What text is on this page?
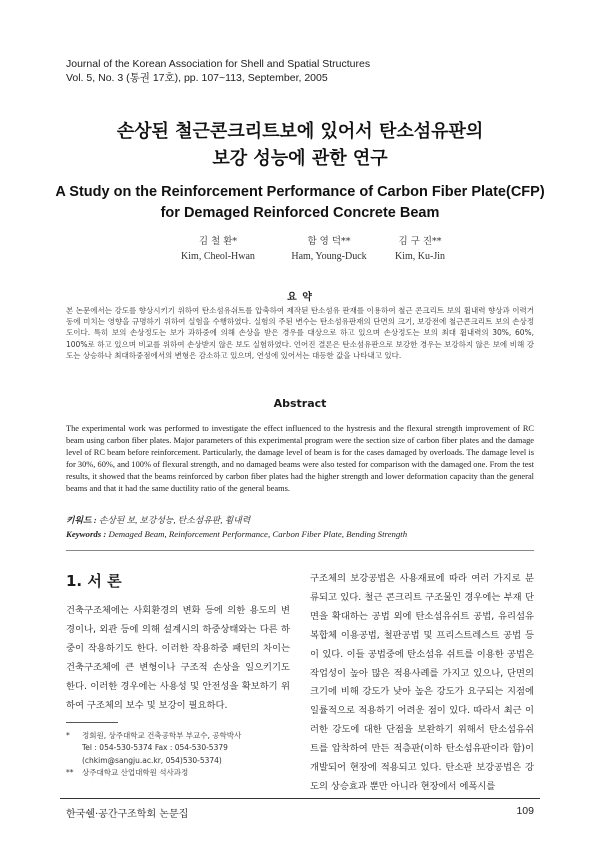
Journal of the Korean Association for Shell and Spatial Structures
Vol. 5, No. 3 (통권 17호), pp. 107~113, September, 2005
손상된 철근콘크리트보에 있어서 탄소섬유판의
보강 성능에 관한 연구
A Study on the Reinforcement Performance of Carbon Fiber Plate(CFP)
for Demaged Reinforced Concrete Beam
김 철 환*
Kim, Cheol-Hwan
함 영 덕**
Ham, Young-Duck
김 구 진**
Kim, Ku-Jin
요 약
본 논문에서는 강도를 향상시키기 위하여 탄소섬유쉬트를 압축하여 제작된 탄소섬유 판재를 이용하여 철근 콘크리트 보의 휨내력 향상과 이력거동에 미치는 영향을 규명하기 위하여 실험을 수행하였다. 실험의 주된 변수는 탄소섬유판재의 단면의 크기, 보강전에 철근콘크리트 보의 손상정도이다. 특히 보의 손상정도는 보가 과하중에 의해 손상을 받은 경우를 대상으로 하고 있으며 손상정도는 보의 최대 휨내력의 30%, 60%, 100%로 하고 있으며 비교를 위하여 손상받지 않은 보도 실험하였다. 언어진 결론은 탄소섬유판으로 보강한 경우는 보강하지 않은 보에 비해 강도는 상승하나 최대하중점에서의 변형은 감소하고 있으며, 연성에 있어서는 대등한 값을 나타내고 있다.
Abstract
The experimental work was performed to investigate the effect influenced to the hystresis and the flexural strength improvement of RC beam using carbon fiber plates. Major parameters of this experimental program were the section size of carbon fiber plates and the damage level of RC beam before reinforcement. Particularly, the damage level of beam is for the cases damaged by overloads. The damage level is for 30%, 60%, and 100% of flexural strength, and no damaged beams were also tested for comparison with the damaged one. From the test results, it showed that the beams reinforced by carbon fiber plates had the higher strength and lower deformation capacity than the general beams and that it had the same ductility ratio of the general beams.
키워드 : 손상된 보, 보강성능, 탄소섬유판, 휨내력
Keywords : Demaged Beam, Reinforcement Performance, Carbon Fiber Plate, Bending Strength
1. 서 론
건축구조체에는 사회환경의 변화 등에 의한 용도의 변경이나, 외관 등에 의해 설계시의 하중상태와는 다른 하중이 작용하기도 한다. 이러한 작용하중 패턴의 차이는 건축구조체에 큰 변형이나 구조적 손상을 일으키기도 한다. 이러한 경우에는 사용성 및 안전성을 확보하기 위하여 구조체의 보수 및 보강이 필요하다.
*	정회원, 상주대학교 건축공학부 부교수, 공학박사
Tel : 054-530-5374 Fax : 054-530-5379
(chkim@sangju.ac.kr, 054)530-5374)
**	상주대학교 산업대학원 석사과정
구조체의 보강공법은 사용재료에 따라 여러 가지로 분류되고 있다. 철근 콘크리트 구조물인 경우에는 부재 단면을 확대하는 공법 외에 탄소섬유쉬트 공법, 유리섬유 복합체 이용공법, 철판공법 및 프리스트레스트 공법 등이 있다. 이들 공법중에 탄소섬유 쉬트를 이용한 공법은 작업성이 높아 많은 적용사례를 가지고 있으나, 단면의 크기에 비해 강도가 낮아 높은 강도가 요구되는 지점에 일률적으로 적용하기 어려운 점이 있다. 따라서 최근 이러한 강도에 대한 단점을 보완하기 위해서 탄소섬유쉬트를 압착하여 만든 적층판(이하 탄소섬유판이라 함)이 개발되어 현장에 적용되고 있다. 탄소판 보강공법은 강도의 상승효과 뿐만 아니라 현장에서 에폭시를
한국쉘·공간구조학회 논문집	109
